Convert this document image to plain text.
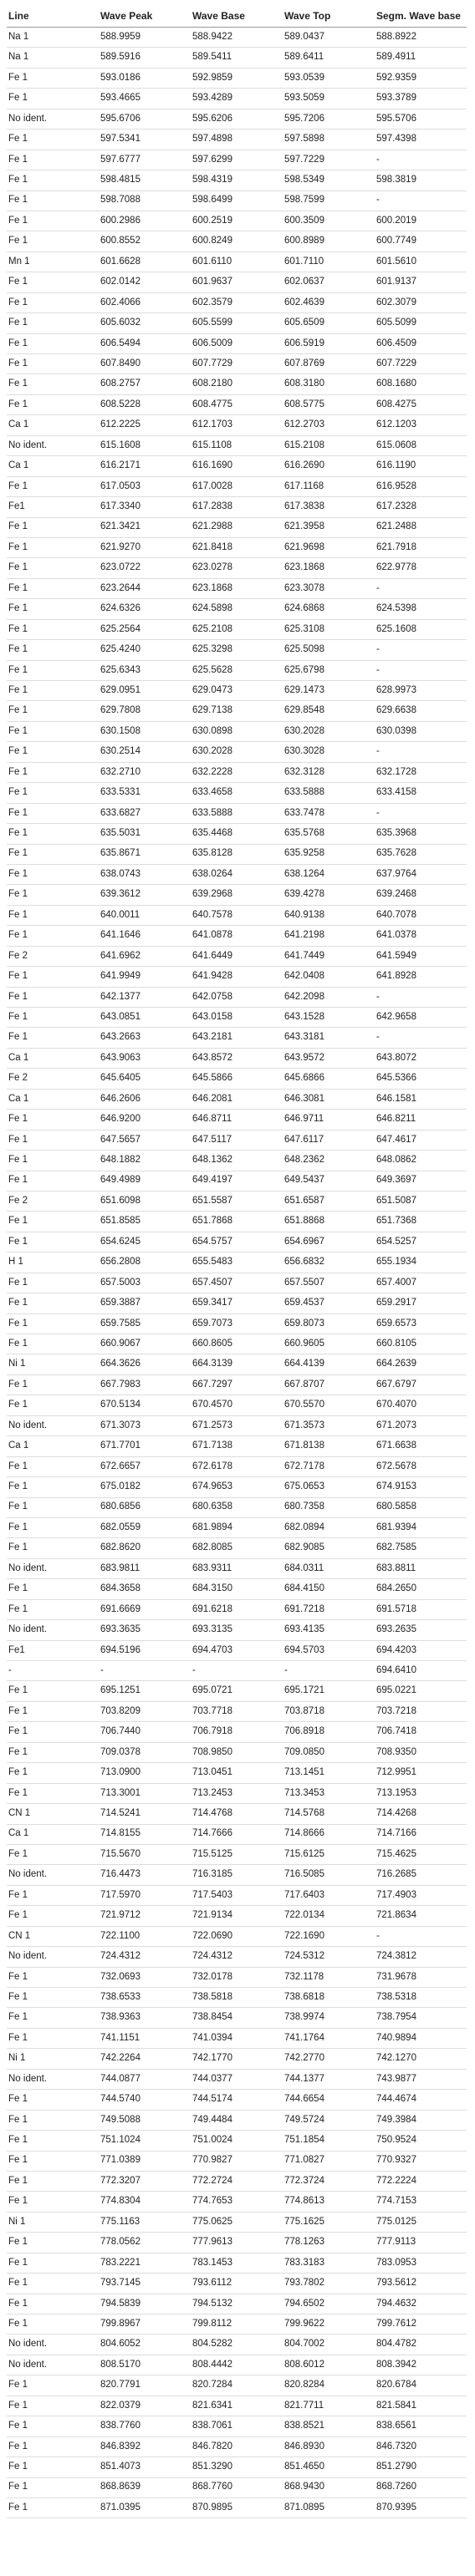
Line	Wave Peak	Wave Base	Wave Top	Segm. Wave base	
Na 1	588.9959	588.9422	589.0437	588.8922	
Na 1	589.5916	589.5411	589.6411	589.4911	
Fe 1	593.0186	592.9859	593.0539	592.9359	
Fe 1	593.4665	593.4289	593.5059	593.3789	
No ident.	595.6706	595.6206	595.7206	595.5706	
Fe 1	597.5341	597.4898	597.5898	597.4398	
Fe 1	597.6777	597.6299	597.7229	-	
Fe 1	598.4815	598.4319	598.5349	598.3819	
Fe 1	598.7088	598.6499	598.7599	-	
Fe 1	600.2986	600.2519	600.3509	600.2019	
Fe 1	600.8552	600.8249	600.8989	600.7749	
Mn 1	601.6628	601.6110	601.7110	601.5610	
Fe 1	602.0142	601.9637	602.0637	601.9137	
Fe 1	602.4066	602.3579	602.4639	602.3079	
Fe 1	605.6032	605.5599	605.6509	605.5099	
Fe 1	606.5494	606.5009	606.5919	606.4509	
Fe 1	607.8490	607.7729	607.8769	607.7229	
Fe 1	608.2757	608.2180	608.3180	608.1680	
Fe 1	608.5228	608.4775	608.5775	608.4275	
Ca 1	612.2225	612.1703	612.2703	612.1203	
No ident.	615.1608	615.1108	615.2108	615.0608	
Ca 1	616.2171	616.1690	616.2690	616.1190	
Fe 1	617.0503	617.0028	617.1168	616.9528	
Fe1	617.3340	617.2838	617.3838	617.2328	
Fe 1	621.3421	621.2988	621.3958	621.2488	
Fe 1	621.9270	621.8418	621.9698	621.7918	
Fe 1	623.0722	623.0278	623.1868	622.9778	
Fe 1	623.2644	623.1868	623.3078	-	
Fe 1	624.6326	624.5898	624.6868	624.5398	
Fe 1	625.2564	625.2108	625.3108	625.1608	
Fe 1	625.4240	625.3298	625.5098	-	
Fe 1	625.6343	625.5628	625.6798	-	
Fe 1	629.0951	629.0473	629.1473	628.9973	
Fe 1	629.7808	629.7138	629.8548	629.6638	
Fe 1	630.1508	630.0898	630.2028	630.0398	
Fe 1	630.2514	630.2028	630.3028	-	
Fe 1	632.2710	632.2228	632.3128	632.1728	
Fe 1	633.5331	633.4658	633.5888	633.4158	
Fe 1	633.6827	633.5888	633.7478	-	
Fe 1	635.5031	635.4468	635.5768	635.3968	
Fe 1	635.8671	635.8128	635.9258	635.7628	
Fe 1	638.0743	638.0264	638.1264	637.9764	
Fe 1	639.3612	639.2968	639.4278	639.2468	
Fe 1	640.0011	640.7578	640.9138	640.7078	
Fe 1	641.1646	641.0878	641.2198	641.0378	
Fe 2	641.6962	641.6449	641.7449	641.5949	
Fe 1	641.9949	641.9428	642.0408	641.8928	
Fe 1	642.1377	642.0758	642.2098	-	
Fe 1	643.0851	643.0158	643.1528	642.9658	
Fe 1	643.2663	643.2181	643.3181	-	
Ca 1	643.9063	643.8572	643.9572	643.8072	
Fe 2	645.6405	645.5866	645.6866	645.5366	
Ca 1	646.2606	646.2081	646.3081	646.1581	
Fe 1	646.9200	646.8711	646.9711	646.8211	
Fe 1	647.5657	647.5117	647.6117	647.4617	
Fe 1	648.1882	648.1362	648.2362	648.0862	
Fe 1	649.4989	649.4197	649.5437	649.3697	
Fe 2	651.6098	651.5587	651.6587	651.5087	
Fe 1	651.8585	651.7868	651.8868	651.7368	
Fe 1	654.6245	654.5757	654.6967	654.5257	
H 1	656.2808	655.5483	656.6832	655.1934	
Fe 1	657.5003	657.4507	657.5507	657.4007	
Fe 1	659.3887	659.3417	659.4537	659.2917	
Fe 1	659.7585	659.7073	659.8073	659.6573	
Fe 1	660.9067	660.8605	660.9605	660.8105	
Ni 1	664.3626	664.3139	664.4139	664.2639	
Fe 1	667.7983	667.7297	667.8707	667.6797	
Fe 1	670.5134	670.4570	670.5570	670.4070	
No ident.	671.3073	671.2573	671.3573	671.2073	
Ca 1	671.7701	671.7138	671.8138	671.6638	
Fe 1	672.6657	672.6178	672.7178	672.5678	
Fe 1	675.0182	674.9653	675.0653	674.9153	
Fe 1	680.6856	680.6358	680.7358	680.5858	
Fe 1	682.0559	681.9894	682.0894	681.9394	
Fe 1	682.8620	682.8085	682.9085	682.7585	
No ident.	683.9811	683.9311	684.0311	683.8811	
Fe 1	684.3658	684.3150	684.4150	684.2650	
Fe 1	691.6669	691.6218	691.7218	691.5718	
No ident.	693.3635	693.3135	693.4135	693.2635	
Fe1	694.5196	694.4703	694.5703	694.4203	
-	-	-	-	694.6410	
Fe 1	695.1251	695.0721	695.1721	695.0221	
Fe 1	703.8209	703.7718	703.8718	703.7218	
Fe 1	706.7440	706.7918	706.8918	706.7418	
Fe 1	709.0378	708.9850	709.0850	708.9350	
Fe 1	713.0900	713.0451	713.1451	712.9951	
Fe 1	713.3001	713.2453	713.3453	713.1953	
CN 1	714.5241	714.4768	714.5768	714.4268	
Ca 1	714.8155	714.7666	714.8666	714.7166	
Fe 1	715.5670	715.5125	715.6125	715.4625	
No ident.	716.4473	716.3185	716.5085	716.2685	
Fe 1	717.5970	717.5403	717.6403	717.4903	
Fe 1	721.9712	721.9134	722.0134	721.8634	
CN 1	722.1100	722.0690	722.1690	-	
No ident.	724.4312	724.4312	724.5312	724.3812	
Fe 1	732.0693	732.0178	732.1178	731.9678	
Fe 1	738.6533	738.5818	738.6818	738.5318	
Fe 1	738.9363	738.8454	738.9974	738.7954	
Fe 1	741.1151	741.0394	741.1764	740.9894	
Ni 1	742.2264	742.1770	742.2770	742.1270	
No ident.	744.0877	744.0377	744.1377	743.9877	
Fe 1	744.5740	744.5174	744.6654	744.4674	
Fe 1	749.5088	749.4484	749.5724	749.3984	
Fe 1	751.1024	751.0024	751.1854	750.9524	
Fe 1	771.0389	770.9827	771.0827	770.9327	
Fe 1	772.3207	772.2724	772.3724	772.2224	
Fe 1	774.8304	774.7653	774.8613	774.7153	
Ni 1	775.1163	775.0625	775.1625	775.0125	
Fe 1	778.0562	777.9613	778.1263	777.9113	
Fe 1	783.2221	783.1453	783.3183	783.0953	
Fe 1	793.7145	793.6112	793.7802	793.5612	
Fe 1	794.5839	794.5132	794.6502	794.4632	
Fe 1	799.8967	799.8112	799.9622	799.7612	
No ident.	804.6052	804.5282	804.7002	804.4782	
No ident.	808.5170	808.4442	808.6012	808.3942	
Fe 1	820.7791	820.7284	820.8284	820.6784	
Fe 1	822.0379	821.6341	821.7711	821.5841	
Fe 1	838.7760	838.7061	838.8521	838.6561	
Fe 1	846.8392	846.7820	846.8930	846.7320	
Fe 1	851.4073	851.3290	851.4650	851.2790	
Fe 1	868.8639	868.7760	868.9430	868.7260	
Fe 1	871.0395	870.9895	871.0895	870.9395	
